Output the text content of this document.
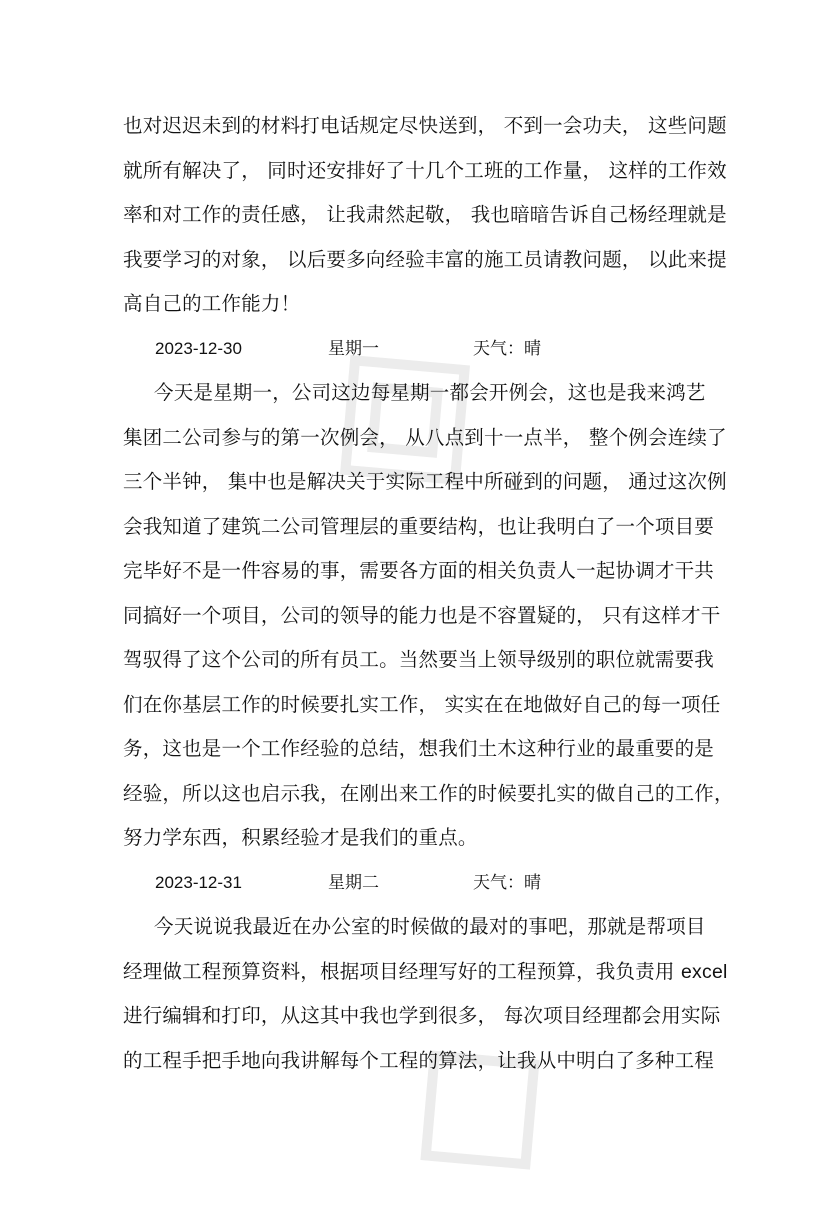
也对迟迟未到的材料打电话规定尽快送到， 不到一会功夫， 这些问题
就所有解决了， 同时还安排好了十几个工班的工作量， 这样的工作效
率和对工作的责任感， 让我肃然起敬， 我也暗暗告诉自己杨经理就是
我要学习的对象， 以后要多向经验丰富的施工员请教问题， 以此来提
高自己的工作能力！
2023-12-30	星期一	天气：晴
今天是星期一，公司这边每星期一都会开例会，这也是我来鸿艺
集团二公司参与的第一次例会， 从八点到十一点半， 整个例会连续了
三个半钟， 集中也是解决关于实际工程中所碰到的问题， 通过这次例
会我知道了建筑二公司管理层的重要结构，也让我明白了一个项目要
完毕好不是一件容易的事，需要各方面的相关负责人一起协调才干共
同搞好一个项目，公司的领导的能力也是不容置疑的， 只有这样才干
驾驭得了这个公司的所有员工。当然要当上领导级别的职位就需要我
们在你基层工作的时候要扎实工作， 实实在在地做好自己的每一项任
务，这也是一个工作经验的总结，想我们土木这种行业的最重要的是
经验，所以这也启示我，在刚出来工作的时候要扎实的做自己的工作，
努力学东西，积累经验才是我们的重点。
2023-12-31	星期二	天气：晴
今天说说我最近在办公室的时候做的最对的事吧，那就是帮项目
经理做工程预算资料，根据项目经理写好的工程预算，我负责用 excel
进行编辑和打印，从这其中我也学到很多， 每次项目经理都会用实际
的工程手把手地向我讲解每个工程的算法，让我从中明白了多种工程
